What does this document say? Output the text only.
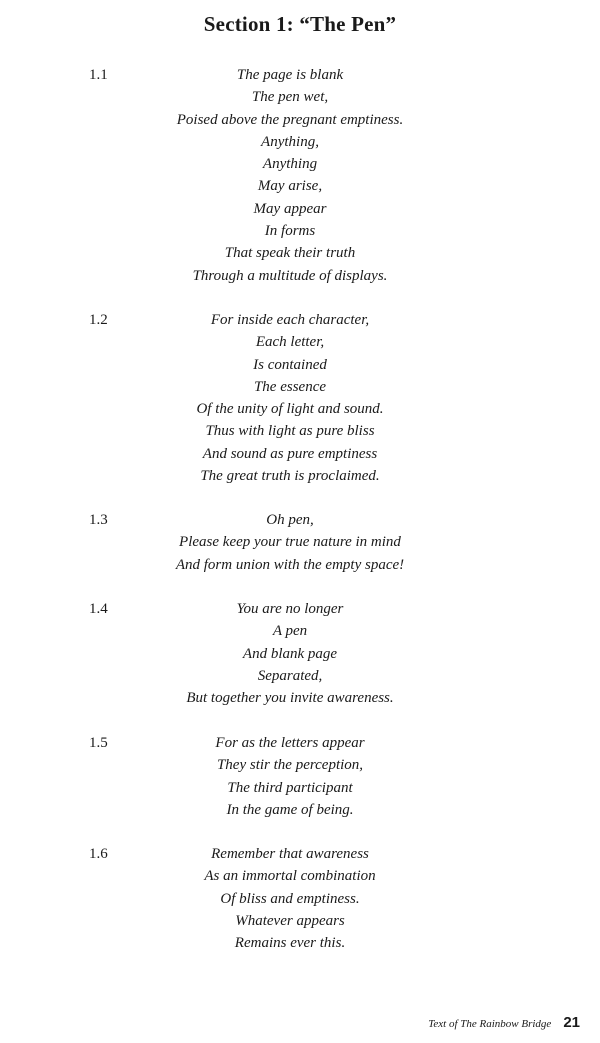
Section 1: “The Pen”
1.1	The page is blank
The pen wet,
Poised above the pregnant emptiness.
Anything,
Anything
May arise,
May appear
In forms
That speak their truth
Through a multitude of displays.
1.2	For inside each character,
Each letter,
Is contained
The essence
Of the unity of light and sound.
Thus with light as pure bliss
And sound as pure emptiness
The great truth is proclaimed.
1.3	Oh pen,
Please keep your true nature in mind
And form union with the empty space!
1.4	You are no longer
A pen
And blank page
Separated,
But together you invite awareness.
1.5	For as the letters appear
They stir the perception,
The third participant
In the game of being.
1.6	Remember that awareness
As an immortal combination
Of bliss and emptiness.
Whatever appears
Remains ever this.
Text of The Rainbow Bridge 21
